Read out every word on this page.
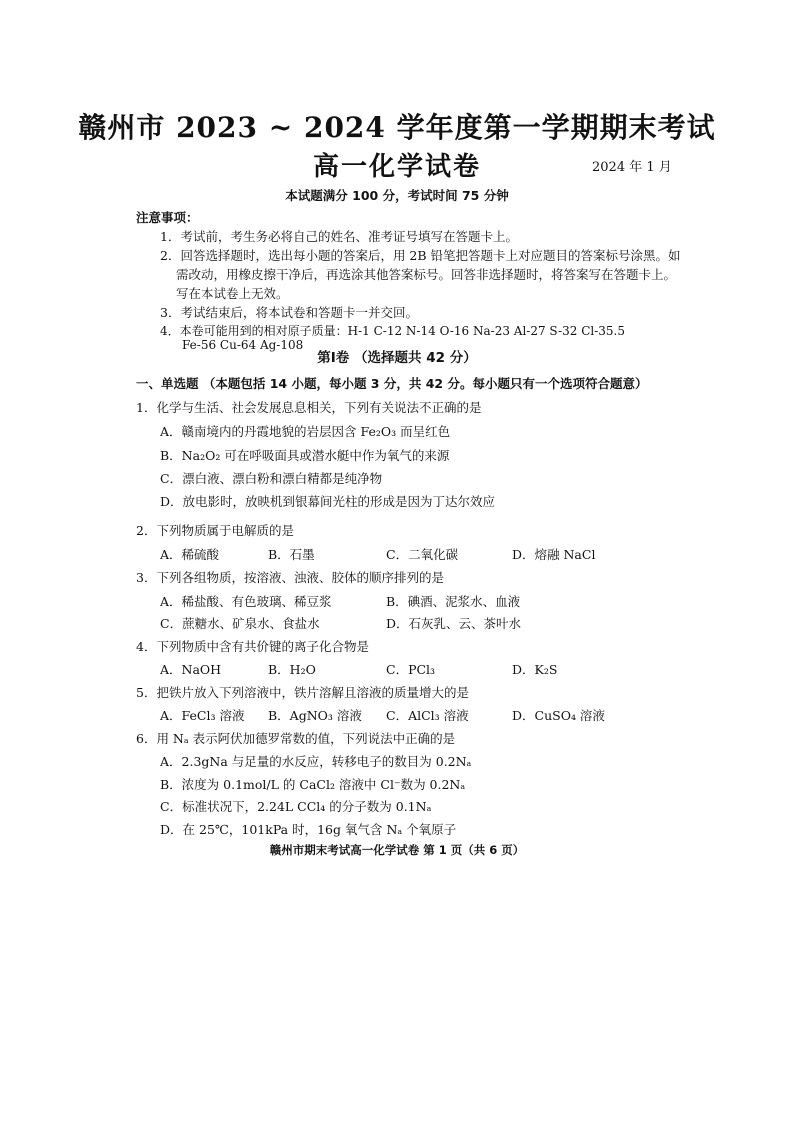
赣州市 2023 ~ 2024 学年度第一学期期末考试
高一化学试卷	2024 年 1 月
本试题满分 100 分，考试时间 75 分钟
注意事项：
1．考试前，考生务必将自己的姓名、准考证号填写在答题卡上。
2．回答选择题时，选出每小题的答案后，用 2B 铅笔把答题卡上对应题目的答案标号涂黑。如
需改动，用橡皮擦干净后，再选涂其他答案标号。回答非选择题时，将答案写在答题卡上。
写在本试卷上无效。
3．考试结束后，将本试卷和答题卡一并交回。
4．本卷可能用到的相对原子质量：H-1 C-12 N-14 O-16 Na-23 Al-27 S-32 Cl-35.5
Fe-56 Cu-64 Ag-108
第Ⅰ卷 （选择题共 42 分）
一、单选题 （本题包括 14 小题，每小题 3 分，共 42 分。每小题只有一个选项符合题意）
1．化学与生活、社会发展息息相关，下列有关说法不正确的是
A．赣南境内的丹霞地貌的岩层因含 Fe₂O₃ 而呈红色
B．Na₂O₂ 可在呼吸面具或潜水艇中作为氧气的来源
C．漂白液、漂白粉和漂白精都是纯净物
D．放电影时，放映机到银幕间光柱的形成是因为丁达尔效应
2．下列物质属于电解质的是
A．稀硫酸	B．石墨	C．二氧化碳	D．熔融 NaCl
3．下列各组物质，按溶液、浊液、胶体的顺序排列的是
A．稀盐酸、有色玻璃、稀豆浆	B．碘酒、泥浆水、血液
C．蔗糖水、矿泉水、食盐水	D．石灰乳、云、茶叶水
4．下列物质中含有共价键的离子化合物是
A．NaOH	B．H₂O	C．PCl₃	D．K₂S
5．把铁片放入下列溶液中，铁片溶解且溶液的质量增大的是
A．FeCl₃ 溶液 B．AgNO₃ 溶液 C．AlCl₃ 溶液	D．CuSO₄ 溶液
6．用 Nₐ 表示阿伏加德罗常数的值，下列说法中正确的是
A．2.3gNa 与足量的水反应，转移电子的数目为 0.2Nₐ
B．浓度为 0.1mol/L 的 CaCl₂ 溶液中 Cl⁻数为 0.2Nₐ
C．标准状况下，2.24L CCl₄ 的分子数为 0.1Nₐ
D．在 25℃，101kPa 时，16g 氧气含 Nₐ 个氧原子
赣州市期末考试高一化学试卷 第 1 页（共 6 页）
